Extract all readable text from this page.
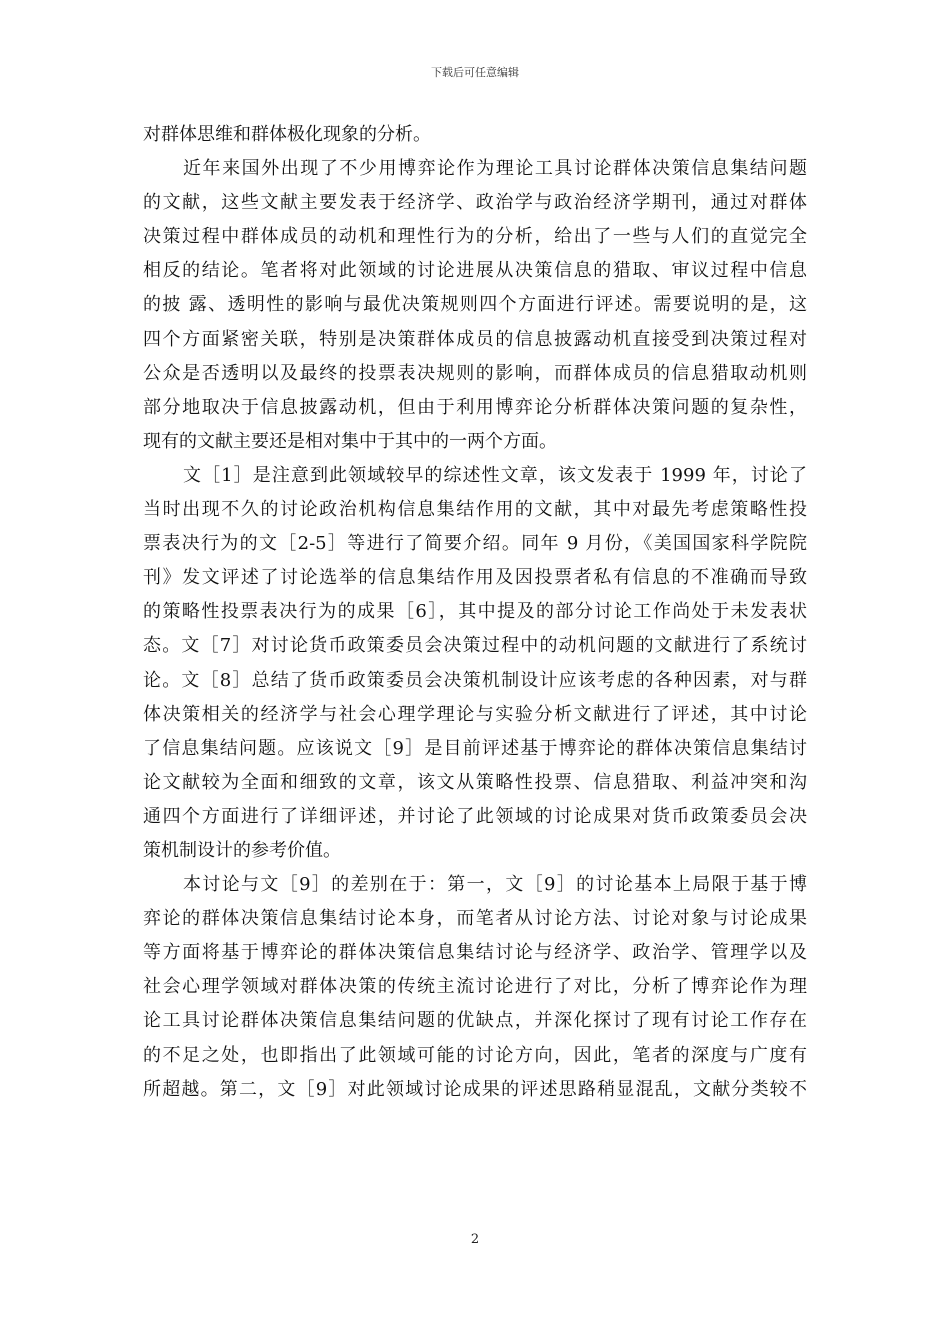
下载后可任意编辑
对群体思维和群体极化现象的分析。
近年来国外出现了不少用博弈论作为理论工具讨论群体决策信息集结问题
的文献，这些文献主要发表于经济学、政治学与政治经济学期刊，通过对群体
决策过程中群体成员的动机和理性行为的分析，给出了一些与人们的直觉完全
相反的结论。笔者将对此领域的讨论进展从决策信息的猎取、审议过程中信息
的披 露、透明性的影响与最优决策规则四个方面进行评述。需要说明的是，这
四个方面紧密关联，特别是决策群体成员的信息披露动机直接受到决策过程对
公众是否透明以及最终的投票表决规则的影响，而群体成员的信息猎取动机则
部分地取决于信息披露动机，但由于利用博弈论分析群体决策问题的复杂性，
现有的文献主要还是相对集中于其中的一两个方面。
文［1］是注意到此领域较早的综述性文章，该文发表于 1999 年，讨论了
当时出现不久的讨论政治机构信息集结作用的文献，其中对最先考虑策略性投
票表决行为的文［2-5］等进行了简要介绍。同年 9 月份，《美国国家科学院院
刊》发文评述了讨论选举的信息集结作用及因投票者私有信息的不准确而导致
的策略性投票表决行为的成果［6］，其中提及的部分讨论工作尚处于未发表状
态。文［7］对讨论货币政策委员会决策过程中的动机问题的文献进行了系统讨
论。文［8］总结了货币政策委员会决策机制设计应该考虑的各种因素，对与群
体决策相关的经济学与社会心理学理论与实验分析文献进行了评述，其中讨论
了信息集结问题。应该说文［9］是目前评述基于博弈论的群体决策信息集结讨
论文献较为全面和细致的文章，该文从策略性投票、信息猎取、利益冲突和沟
通四个方面进行了详细评述，并讨论了此领域的讨论成果对货币政策委员会决
策机制设计的参考价值。
本讨论与文［9］的差别在于：第一，文［9］的讨论基本上局限于基于博
弈论的群体决策信息集结讨论本身，而笔者从讨论方法、讨论对象与讨论成果
等方面将基于博弈论的群体决策信息集结讨论与经济学、政治学、管理学以及
社会心理学领域对群体决策的传统主流讨论进行了对比，分析了博弈论作为理
论工具讨论群体决策信息集结问题的优缺点，并深化探讨了现有讨论工作存在
的不足之处，也即指出了此领域可能的讨论方向，因此，笔者的深度与广度有
所超越。第二，文［9］对此领域讨论成果的评述思路稍显混乱，文献分类较不
2
